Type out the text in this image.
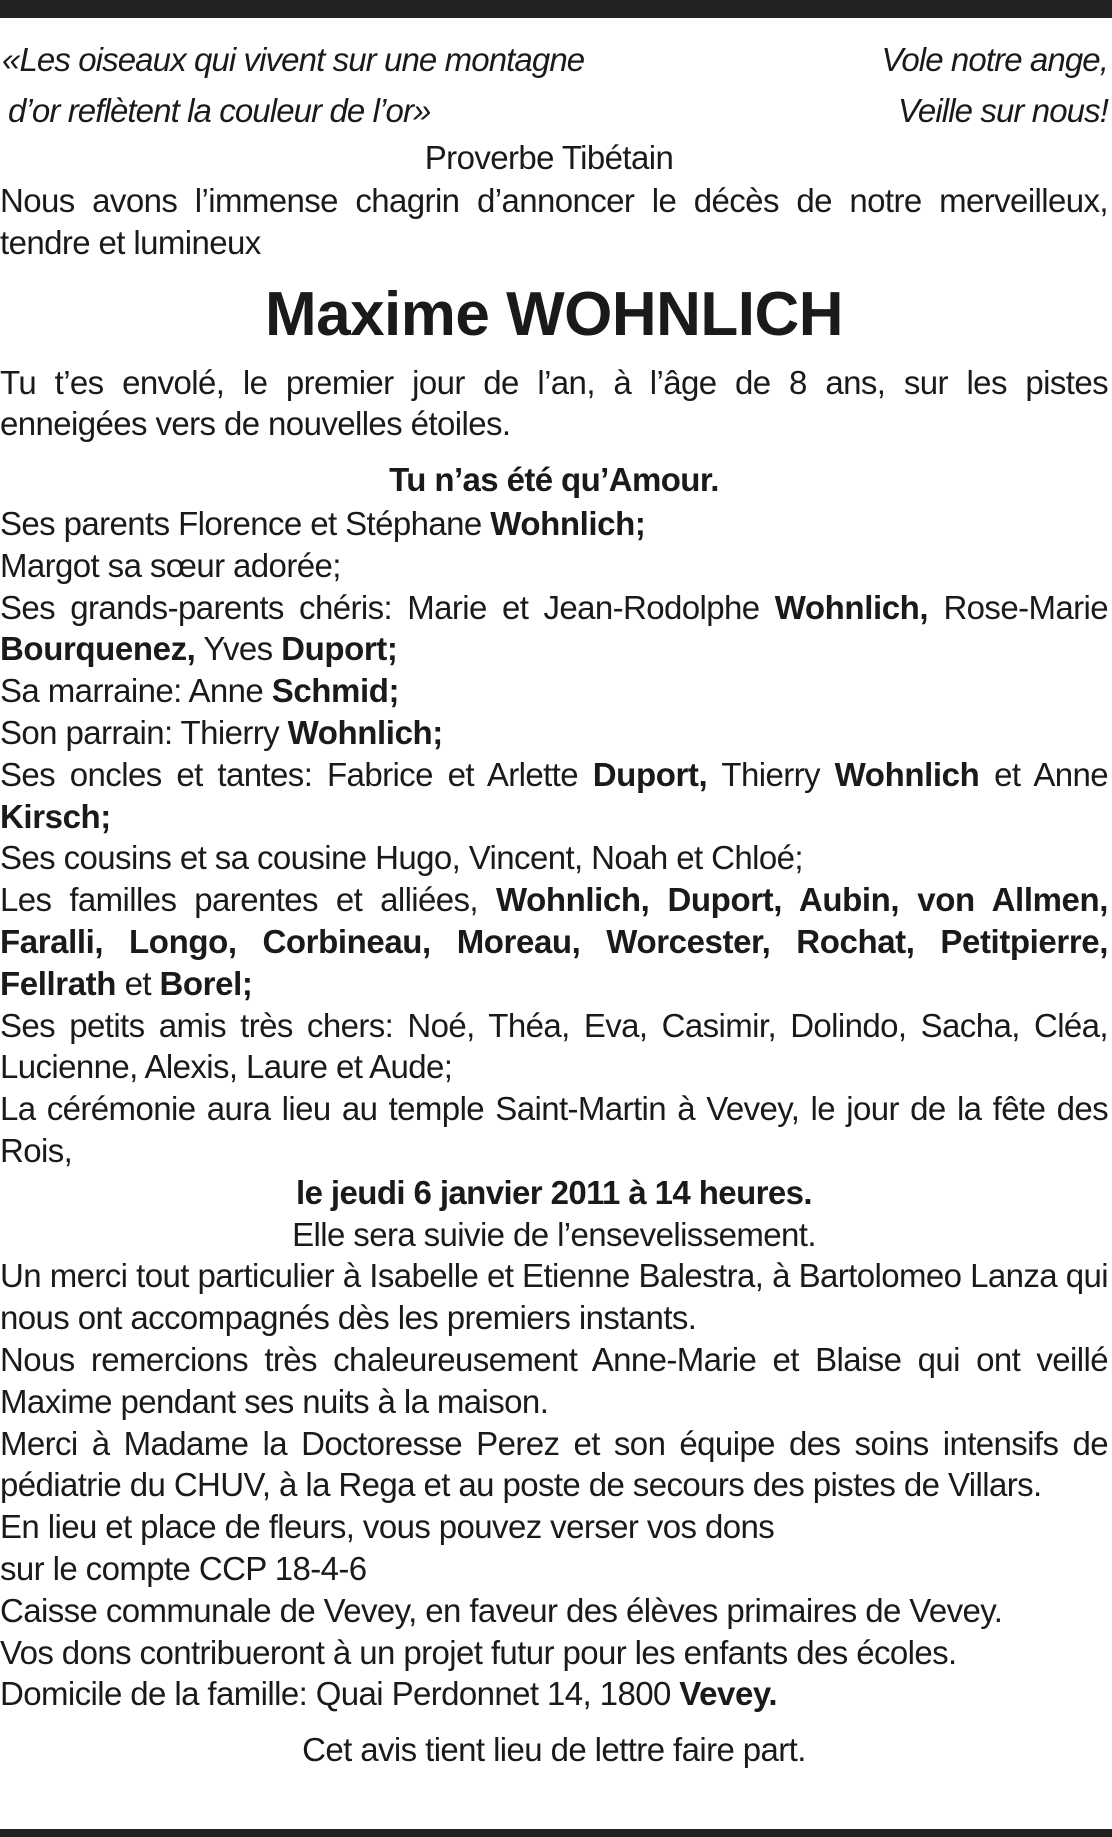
«Les oiseaux qui vivent sur une montagne
d’or reflètent la couleur de l’or»
Vole notre ange,
Veille sur nous!
Proverbe Tibétain

Nous avons l’immense chagrin d’annoncer le décès de notre merveilleux, tendre et lumineux

Maxime WOHNLICH

Tu t’es envolé, le premier jour de l’an, à l’âge de 8 ans, sur les pistes enneigées vers de nouvelles étoiles.

Tu n’as été qu’Amour.

Ses parents Florence et Stéphane Wohnlich;

Margot sa sœur adorée;

Ses grands-parents chéris: Marie et Jean-Rodolphe Wohnlich, Rose-Marie Bourquenez, Yves Duport;

Sa marraine: Anne Schmid;

Son parrain: Thierry Wohnlich;

Ses oncles et tantes: Fabrice et Arlette Duport, Thierry Wohnlich et Anne Kirsch;

Ses cousins et sa cousine Hugo, Vincent, Noah et Chloé;

Les familles parentes et alliées, Wohnlich, Duport, Aubin, von Allmen, Faralli, Longo, Corbineau, Moreau, Worcester, Rochat, Petitpierre, Fellrath et Borel;

Ses petits amis très chers: Noé, Théa, Eva, Casimir, Dolindo, Sacha, Cléa, Lucienne, Alexis, Laure et Aude;

La cérémonie aura lieu au temple Saint-Martin à Vevey, le jour de la fête des Rois,

le jeudi 6 janvier 2011 à 14 heures.
Elle sera suivie de l’ensevelissement.

Un merci tout particulier à Isabelle et Etienne Balestra, à Bartolomeo Lanza qui nous ont accompagnés dès les premiers instants.

Nous remercions très chaleureusement Anne-Marie et Blaise qui ont veillé Maxime pendant ses nuits à la maison.

Merci à Madame la Doctoresse Perez et son équipe des soins intensifs de pédiatrie du CHUV, à la Rega et au poste de secours des pistes de Villars.

En lieu et place de fleurs, vous pouvez verser vos dons

sur le compte CCP 18-4-6

Caisse communale de Vevey, en faveur des élèves primaires de Vevey.

Vos dons contribueront à un projet futur pour les enfants des écoles.

Domicile de la famille: Quai Perdonnet 14, 1800 Vevey.

Cet avis tient lieu de lettre faire part.
